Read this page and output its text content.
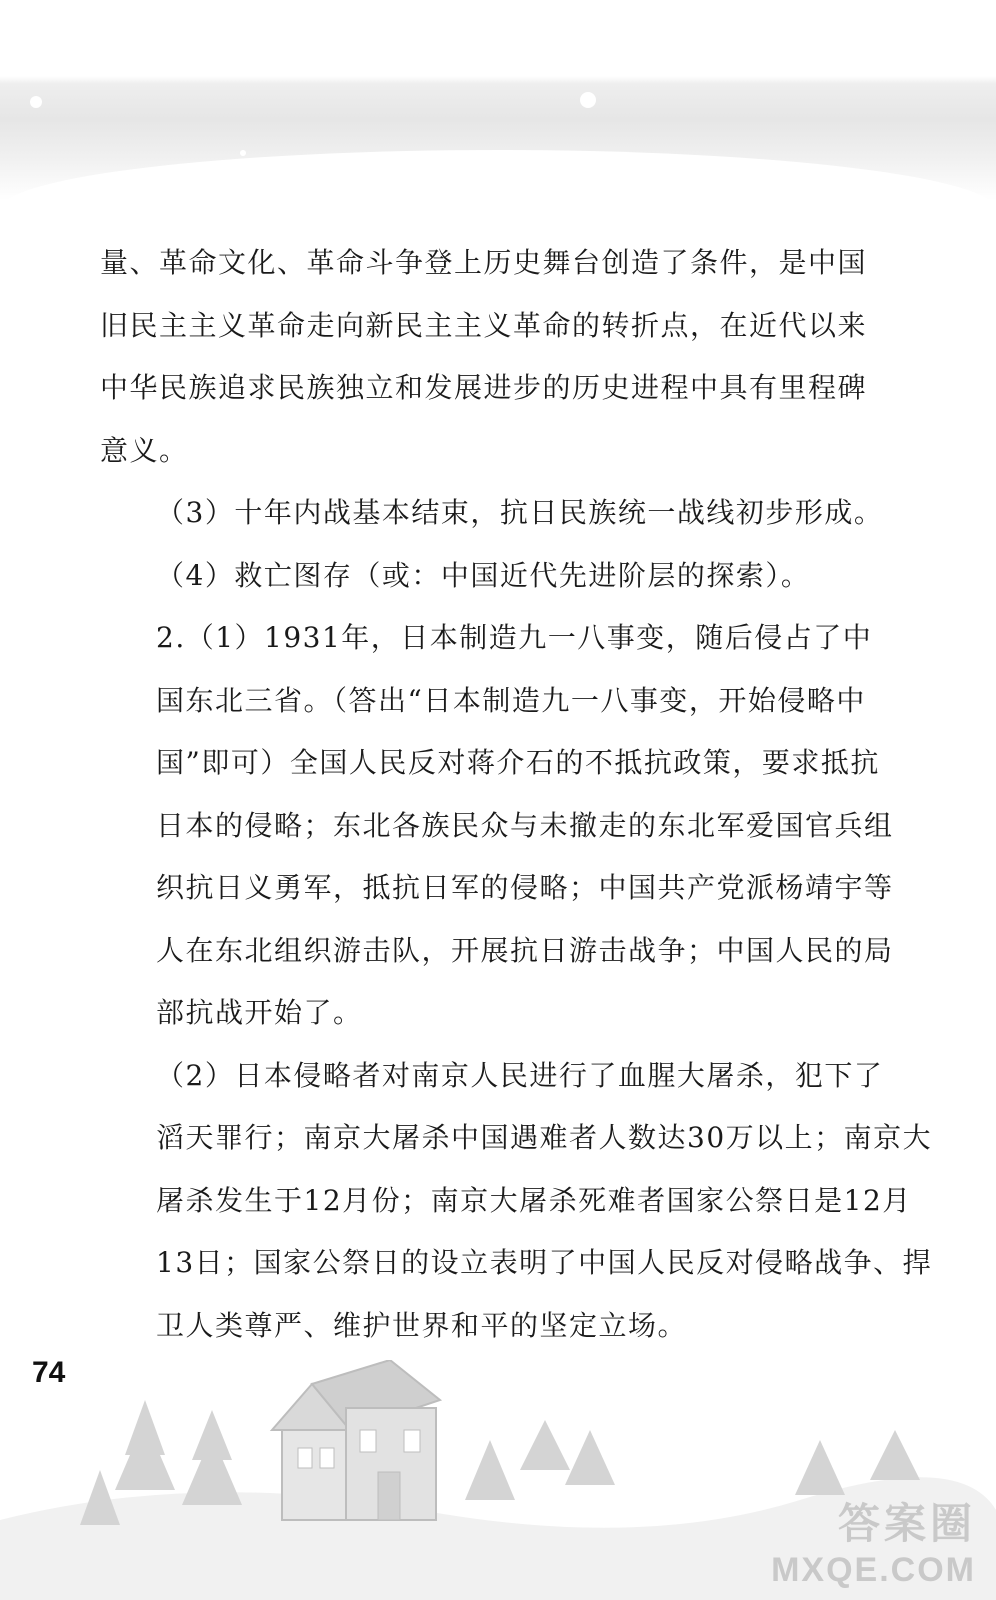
量、革命文化、革命斗争登上历史舞台创造了条件，是中国
旧民主主义革命走向新民主主义革命的转折点，在近代以来
中华民族追求民族独立和发展进步的历史进程中具有里程碑
意义。

（3）十年内战基本结束，抗日民族统一战线初步形成。

（4）救亡图存（或：中国近代先进阶层的探索）。

2.（1）1931年，日本制造九一八事变，随后侵占了中
国东北三省。（答出“日本制造九一八事变，开始侵略中
国”即可）全国人民反对蒋介石的不抵抗政策，要求抵抗
日本的侵略；东北各族民众与未撤走的东北军爱国官兵组
织抗日义勇军，抵抗日军的侵略；中国共产党派杨靖宇等
人在东北组织游击队，开展抗日游击战争；中国人民的局
部抗战开始了。

（2）日本侵略者对南京人民进行了血腥大屠杀，犯下了
滔天罪行；南京大屠杀中国遇难者人数达30万以上；南京大
屠杀发生于12月份；南京大屠杀死难者国家公祭日是12月
13日；国家公祭日的设立表明了中国人民反对侵略战争、捍
卫人类尊严、维护世界和平的坚定立场。

74
答案圈
MXQE.COM
